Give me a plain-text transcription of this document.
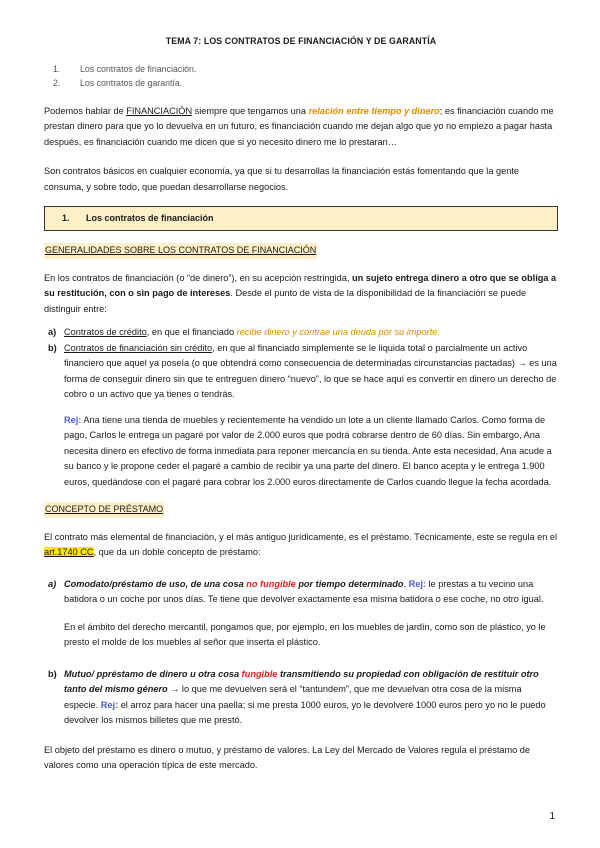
TEMA 7: LOS CONTRATOS DE FINANCIACIÓN Y DE GARANTÍA

1. Los contratos de financiación.
2. Los contratos de garantía.

Podemos hablar de FINANCIACIÓN siempre que tengamos una relación entre tiempo y dinero; es financiación cuando me prestan dinero para que yo lo devuelva en un futuro, es financiación cuando me dejan algo que yo no empiezo a pagar hasta después, es financiación cuando me dicen que si yo necesito dinero me lo prestaran…

Son contratos básicos en cualquier economía, ya que si tu desarrollas la financiación estás fomentando que la gente consuma, y sobre todo, que puedan desarrollarse negocios.

1.	Los contratos de financiación
GENERALIDADES SOBRE LOS CONTRATOS DE FINANCIACIÓN

En los contratos de financiación (o “de dinero”), en su acepción restringida, un sujeto entrega dinero a otro que se obliga a su restitución, con o sin pago de intereses. Desde el punto de vista de la disponibilidad de la financiación se puede distinguir entre:

a) Contratos de crédito, en que el financiado recibe dinero y contrae una deuda por su importe.
b) Contratos de financiación sin crédito, en que al financiado simplemente se le liquida total o parcialmente un activo financiero que aquel ya poseía (o que obtendrá como consecuencia de determinadas circunstancias pactadas) → es una forma de conseguir dinero sin que te entreguen dinero “nuevo”, lo que se hace aquí es convertir en dinero un derecho de cobro o un activo que ya tienes o tendrás.

Rej: Ana tiene una tienda de muebles y recientemente ha vendido un lote a un cliente llamado Carlos. Como forma de pago, Carlos le entrega un pagaré por valor de 2.000 euros que podrá cobrarse dentro de 60 días. Sin embargo, Ana necesita dinero en efectivo de forma inmediata para reponer mercancía en su tienda. Ante esta necesidad, Ana acude a su banco y le propone ceder el pagaré a cambio de recibir ya una parte del dinero. El banco acepta y le entrega 1.900 euros, quedándose con el pagaré para cobrar los 2.000 euros directamente de Carlos cuando llegue la fecha acordada.

CONCEPTO DE PRÉSTAMO

El contrato más elemental de financiación, y el más antiguo jurídicamente, es el préstamo. Técnicamente, este se regula en el art.1740 CC, que da un doble concepto de préstamo:

a) Comodato/préstamo de uso, de una cosa no fungible por tiempo determinado. Rej: le prestas a tu vecino una batidora o un coche por unos días. Te tiene que devolver exactamente esa misma batidora o ese coche, no otro igual.

En el ámbito del derecho mercantil, pongamos que, por ejemplo, en los muebles de jardín, como son de plástico, yo le presto el molde de los muebles al señor que inserta el plástico.

b) Mutuo/ ppréstamo de dinero u otra cosa fungible transmitiendo su propiedad con obligación de restituir otro tanto del mismo género → lo que me devuelven será el “tantundem”, que me devuelvan otra cosa de la misma especie. Rej: el arroz para hacer una paella; si me presta 1000 euros, yo le devolveré 1000 euros pero yo no le puedo devolver los mismos billetes que me prestó.

El objeto del préstamo es dinero o mutuo, y préstamo de valores. La Ley del Mercado de Valores regula el préstamo de valores como una operación típica de este mercado.

1
